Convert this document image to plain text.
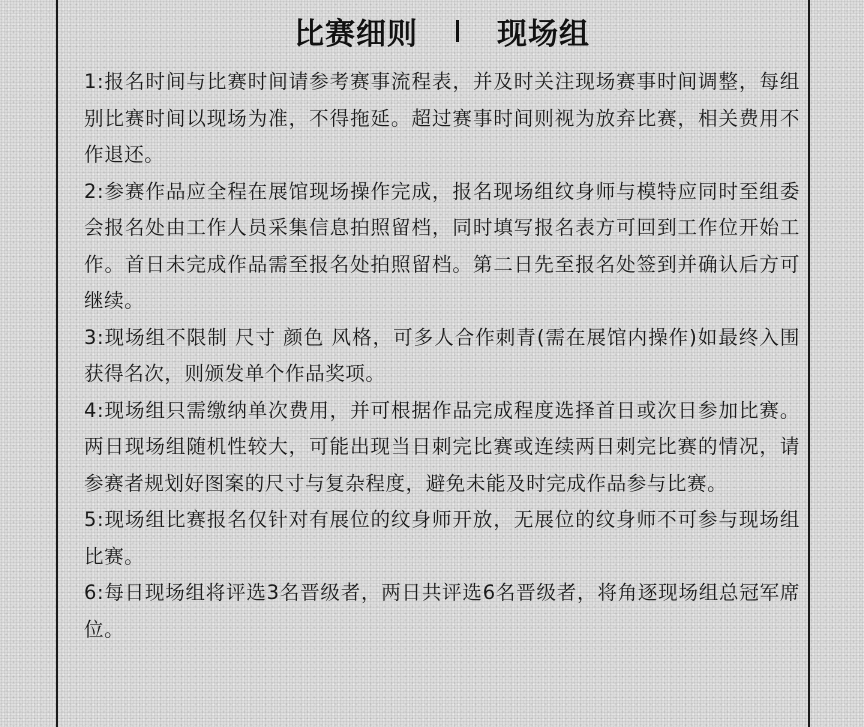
比赛细则	现场组

1:报名时间与比赛时间请参考赛事流程表，并及时关注现场赛事时间调整，每组别比赛时间以现场为准，不得拖延。超过赛事时间则视为放弃比赛，相关费用不作退还。

2:参赛作品应全程在展馆现场操作完成，报名现场组纹身师与模特应同时至组委会报名处由工作人员采集信息拍照留档，同时填写报名表方可回到工作位开始工作。首日未完成作品需至报名处拍照留档。第二日先至报名处签到并确认后方可继续。

3:现场组不限制 尺寸 颜色 风格，可多人合作刺青(需在展馆内操作)如最终入围获得名次，则颁发单个作品奖项。

4:现场组只需缴纳单次费用，并可根据作品完成程度选择首日或次日参加比赛。两日现场组随机性较大，可能出现当日刺完比赛或连续两日刺完比赛的情况，请参赛者规划好图案的尺寸与复杂程度，避免未能及时完成作品参与比赛。

5:现场组比赛报名仅针对有展位的纹身师开放，无展位的纹身师不可参与现场组比赛。

6:每日现场组将评选3名晋级者，两日共评选6名晋级者，将角逐现场组总冠军席位。
